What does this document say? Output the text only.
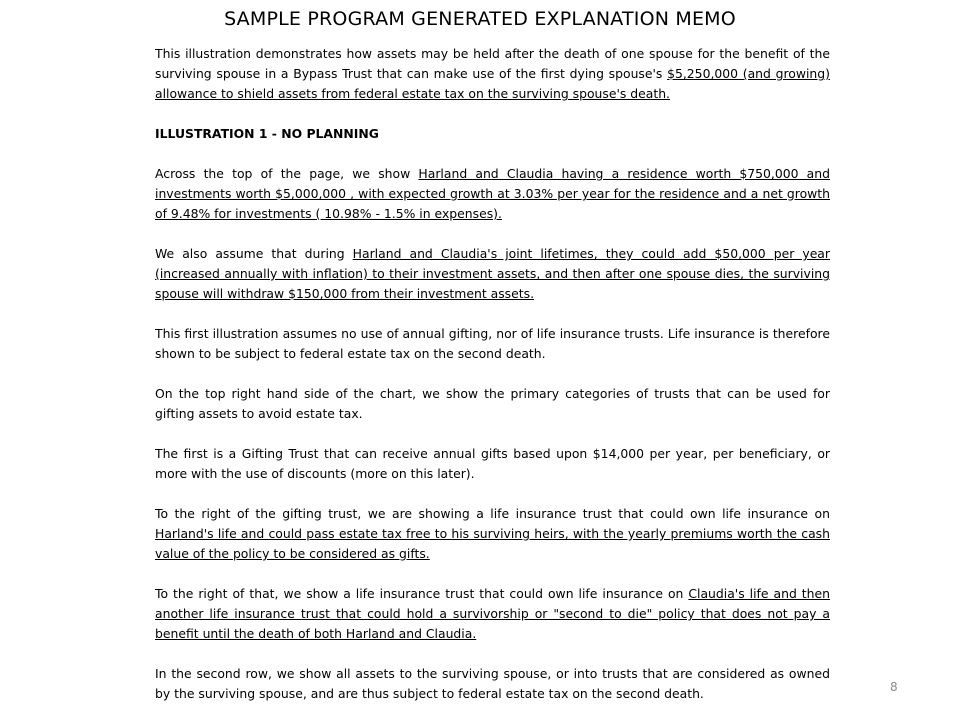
SAMPLE PROGRAM GENERATED EXPLANATION MEMO

This illustration demonstrates how assets may be held after the death of one spouse for the benefit of the surviving spouse in a Bypass Trust that can make use of the first dying spouse's $5,250,000 (and growing) allowance to shield assets from federal estate tax on the surviving spouse's death.

ILLUSTRATION 1 - NO PLANNING

Across the top of the page, we show Harland and Claudia having a residence worth $750,000 and investments worth $5,000,000 , with expected growth at 3.03% per year for the residence and a net growth of 9.48% for investments ( 10.98% - 1.5% in expenses).

We also assume that during Harland and Claudia's joint lifetimes, they could add $50,000 per year (increased annually with inflation) to their investment assets, and then after one spouse dies, the surviving spouse will withdraw $150,000 from their investment assets.

This first illustration assumes no use of annual gifting, nor of life insurance trusts. Life insurance is therefore shown to be subject to federal estate tax on the second death.

On the top right hand side of the chart, we show the primary categories of trusts that can be used for gifting assets to avoid estate tax.

The first is a Gifting Trust that can receive annual gifts based upon $14,000 per year, per beneficiary, or more with the use of discounts (more on this later).

To the right of the gifting trust, we are showing a life insurance trust that could own life insurance on Harland's life and could pass estate tax free to his surviving heirs, with the yearly premiums worth the cash value of the policy to be considered as gifts.

To the right of that, we show a life insurance trust that could own life insurance on Claudia's life and then another life insurance trust that could hold a survivorship or "second to die" policy that does not pay a benefit until the death of both Harland and Claudia.

In the second row, we show all assets to the surviving spouse, or into trusts that are considered as owned by the surviving spouse, and are thus subject to federal estate tax on the second death.	8
